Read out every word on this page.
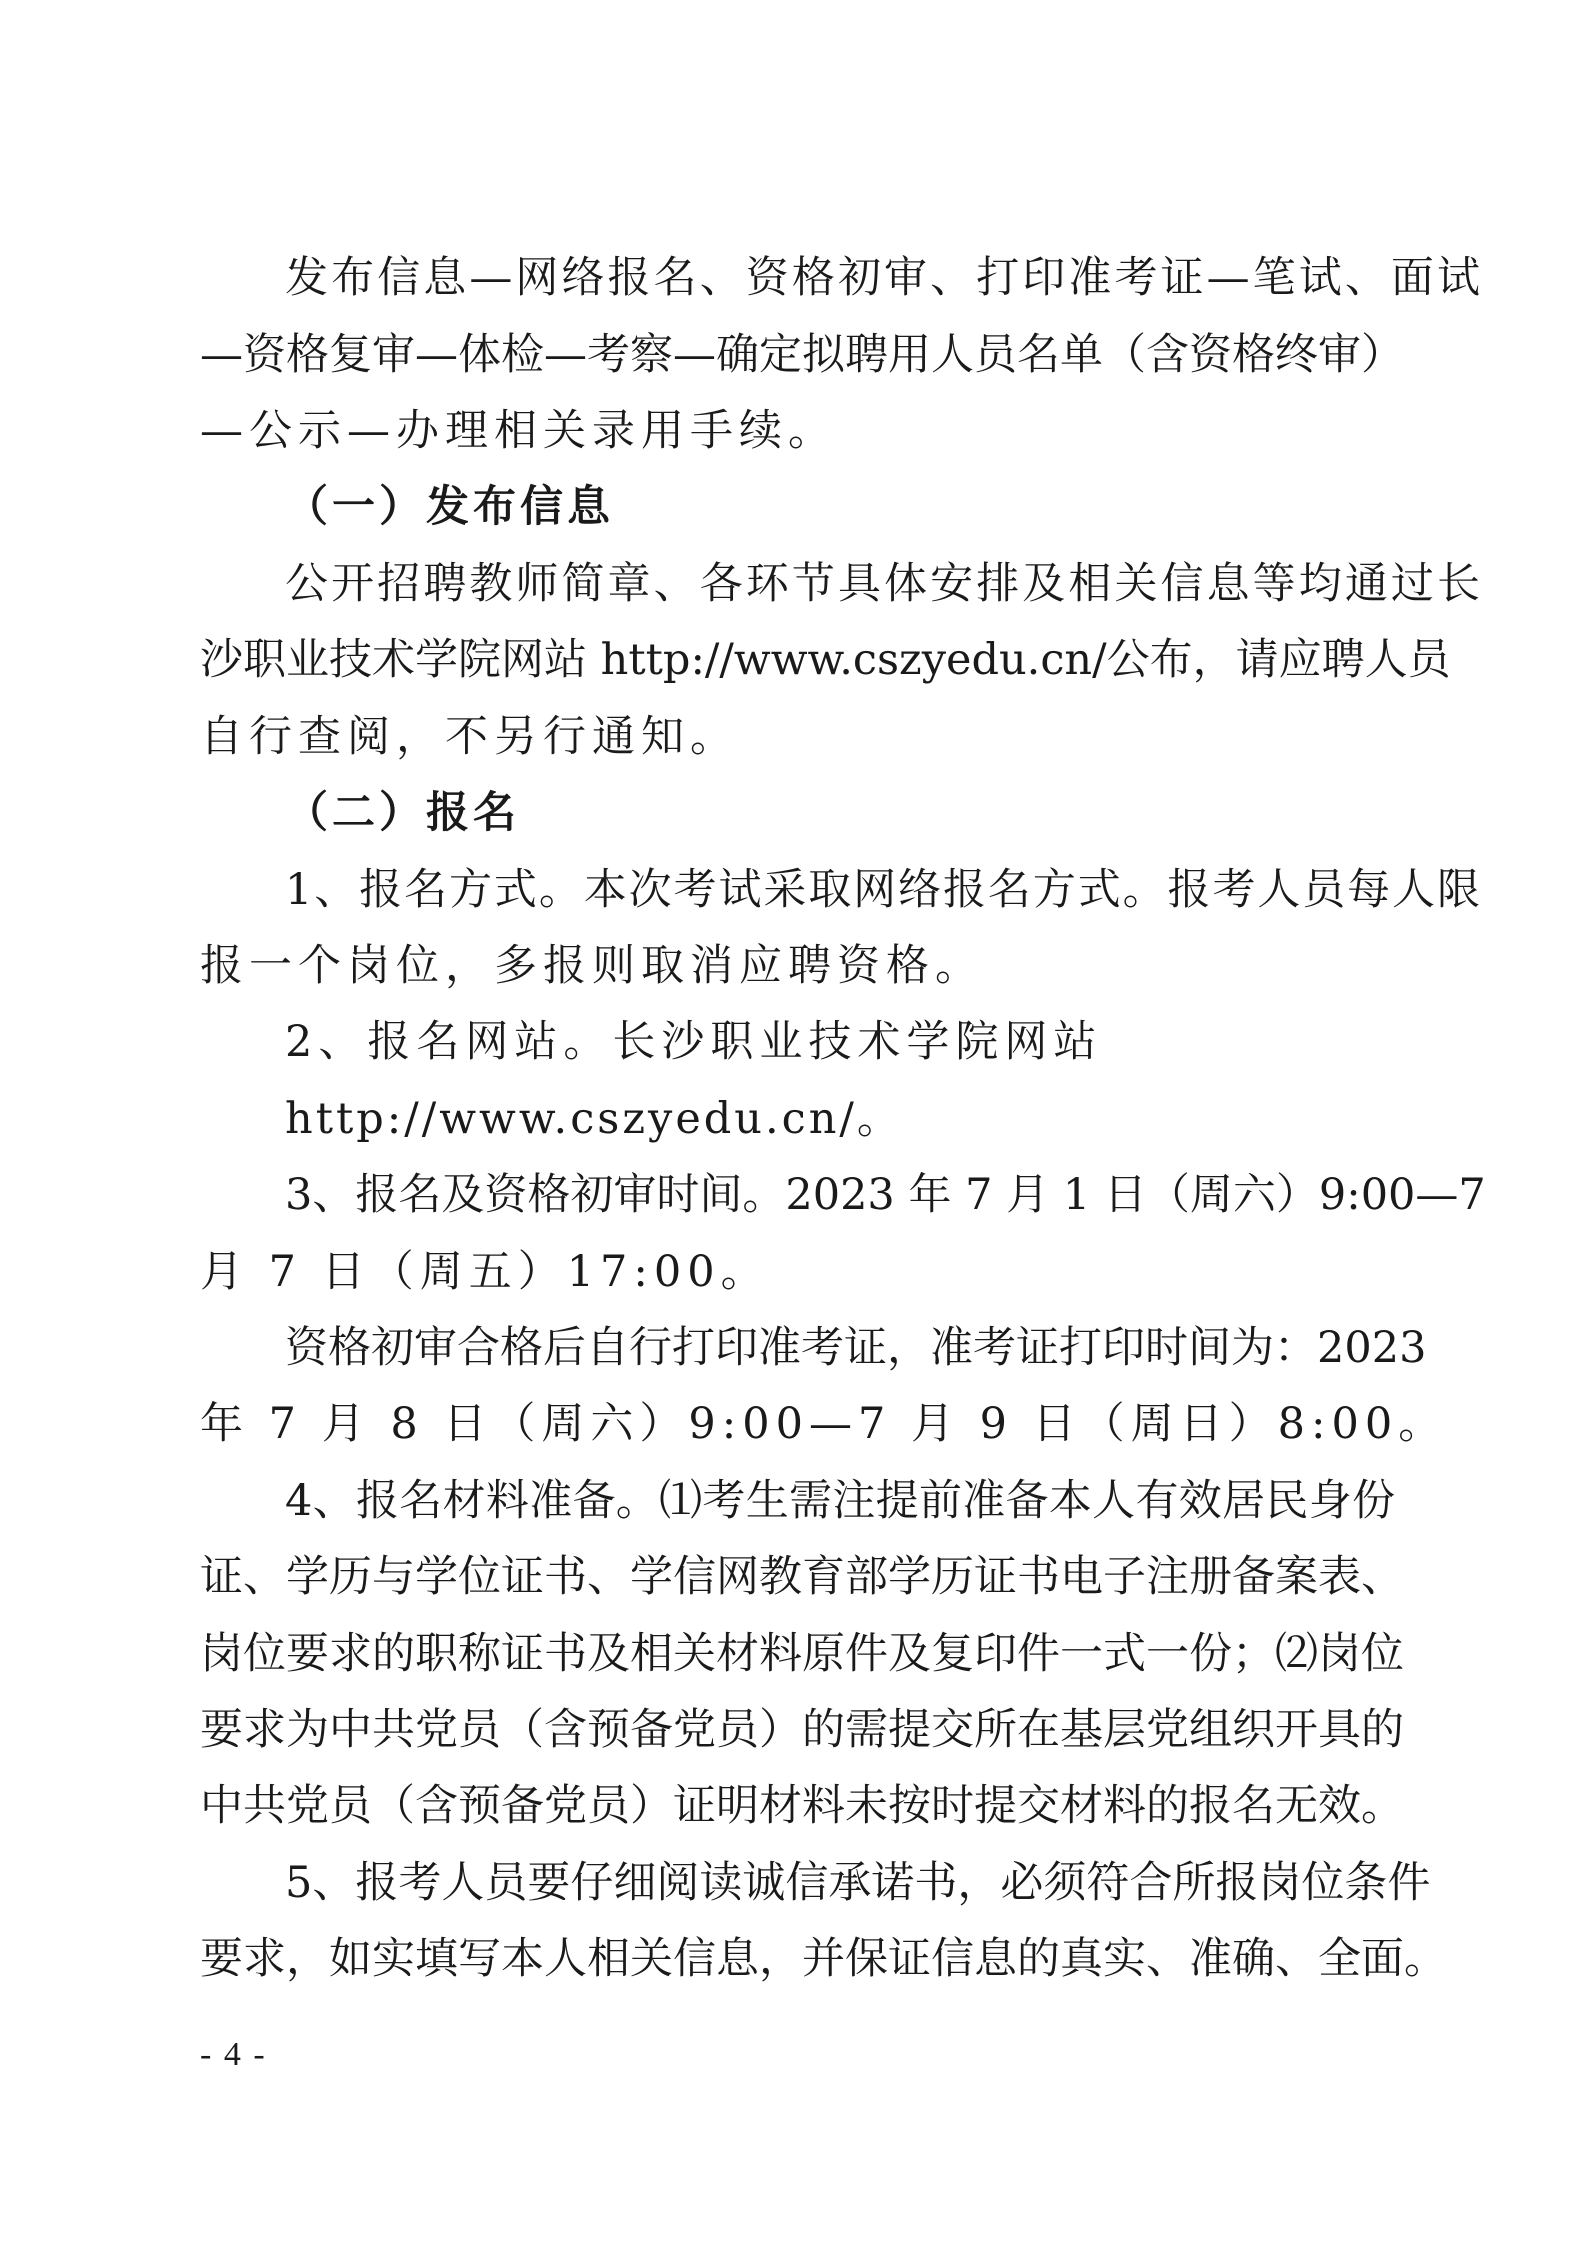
发布信息—网络报名、资格初审、打印准考证—笔试、面试
—资格复审—体检—考察—确定拟聘用人员名单（含资格终审）
—公示—办理相关录用手续。
（一）发布信息
公开招聘教师简章、各环节具体安排及相关信息等均通过长
沙职业技术学院网站 http://www.cszyedu.cn/公布，请应聘人员
自行查阅，不另行通知。
（二）报名
1、报名方式。本次考试采取网络报名方式。报考人员每人限
报一个岗位，多报则取消应聘资格。
2、报名网站。长沙职业技术学院网站
http://www.cszyedu.cn/。
3、报名及资格初审时间。2023 年 7 月 1 日（周六）9:00—7
月 7 日（周五）17:00。
资格初审合格后自行打印准考证，准考证打印时间为：2023
年 7 月 8 日（周六）9:00—7 月 9 日（周日）8:00。
4、报名材料准备。⑴考生需注提前准备本人有效居民身份
证、学历与学位证书、学信网教育部学历证书电子注册备案表、
岗位要求的职称证书及相关材料原件及复印件一式一份；⑵岗位
要求为中共党员（含预备党员）的需提交所在基层党组织开具的
中共党员（含预备党员）证明材料未按时提交材料的报名无效。
5、报考人员要仔细阅读诚信承诺书，必须符合所报岗位条件
要求，如实填写本人相关信息，并保证信息的真实、准确、全面。
- 4 -
